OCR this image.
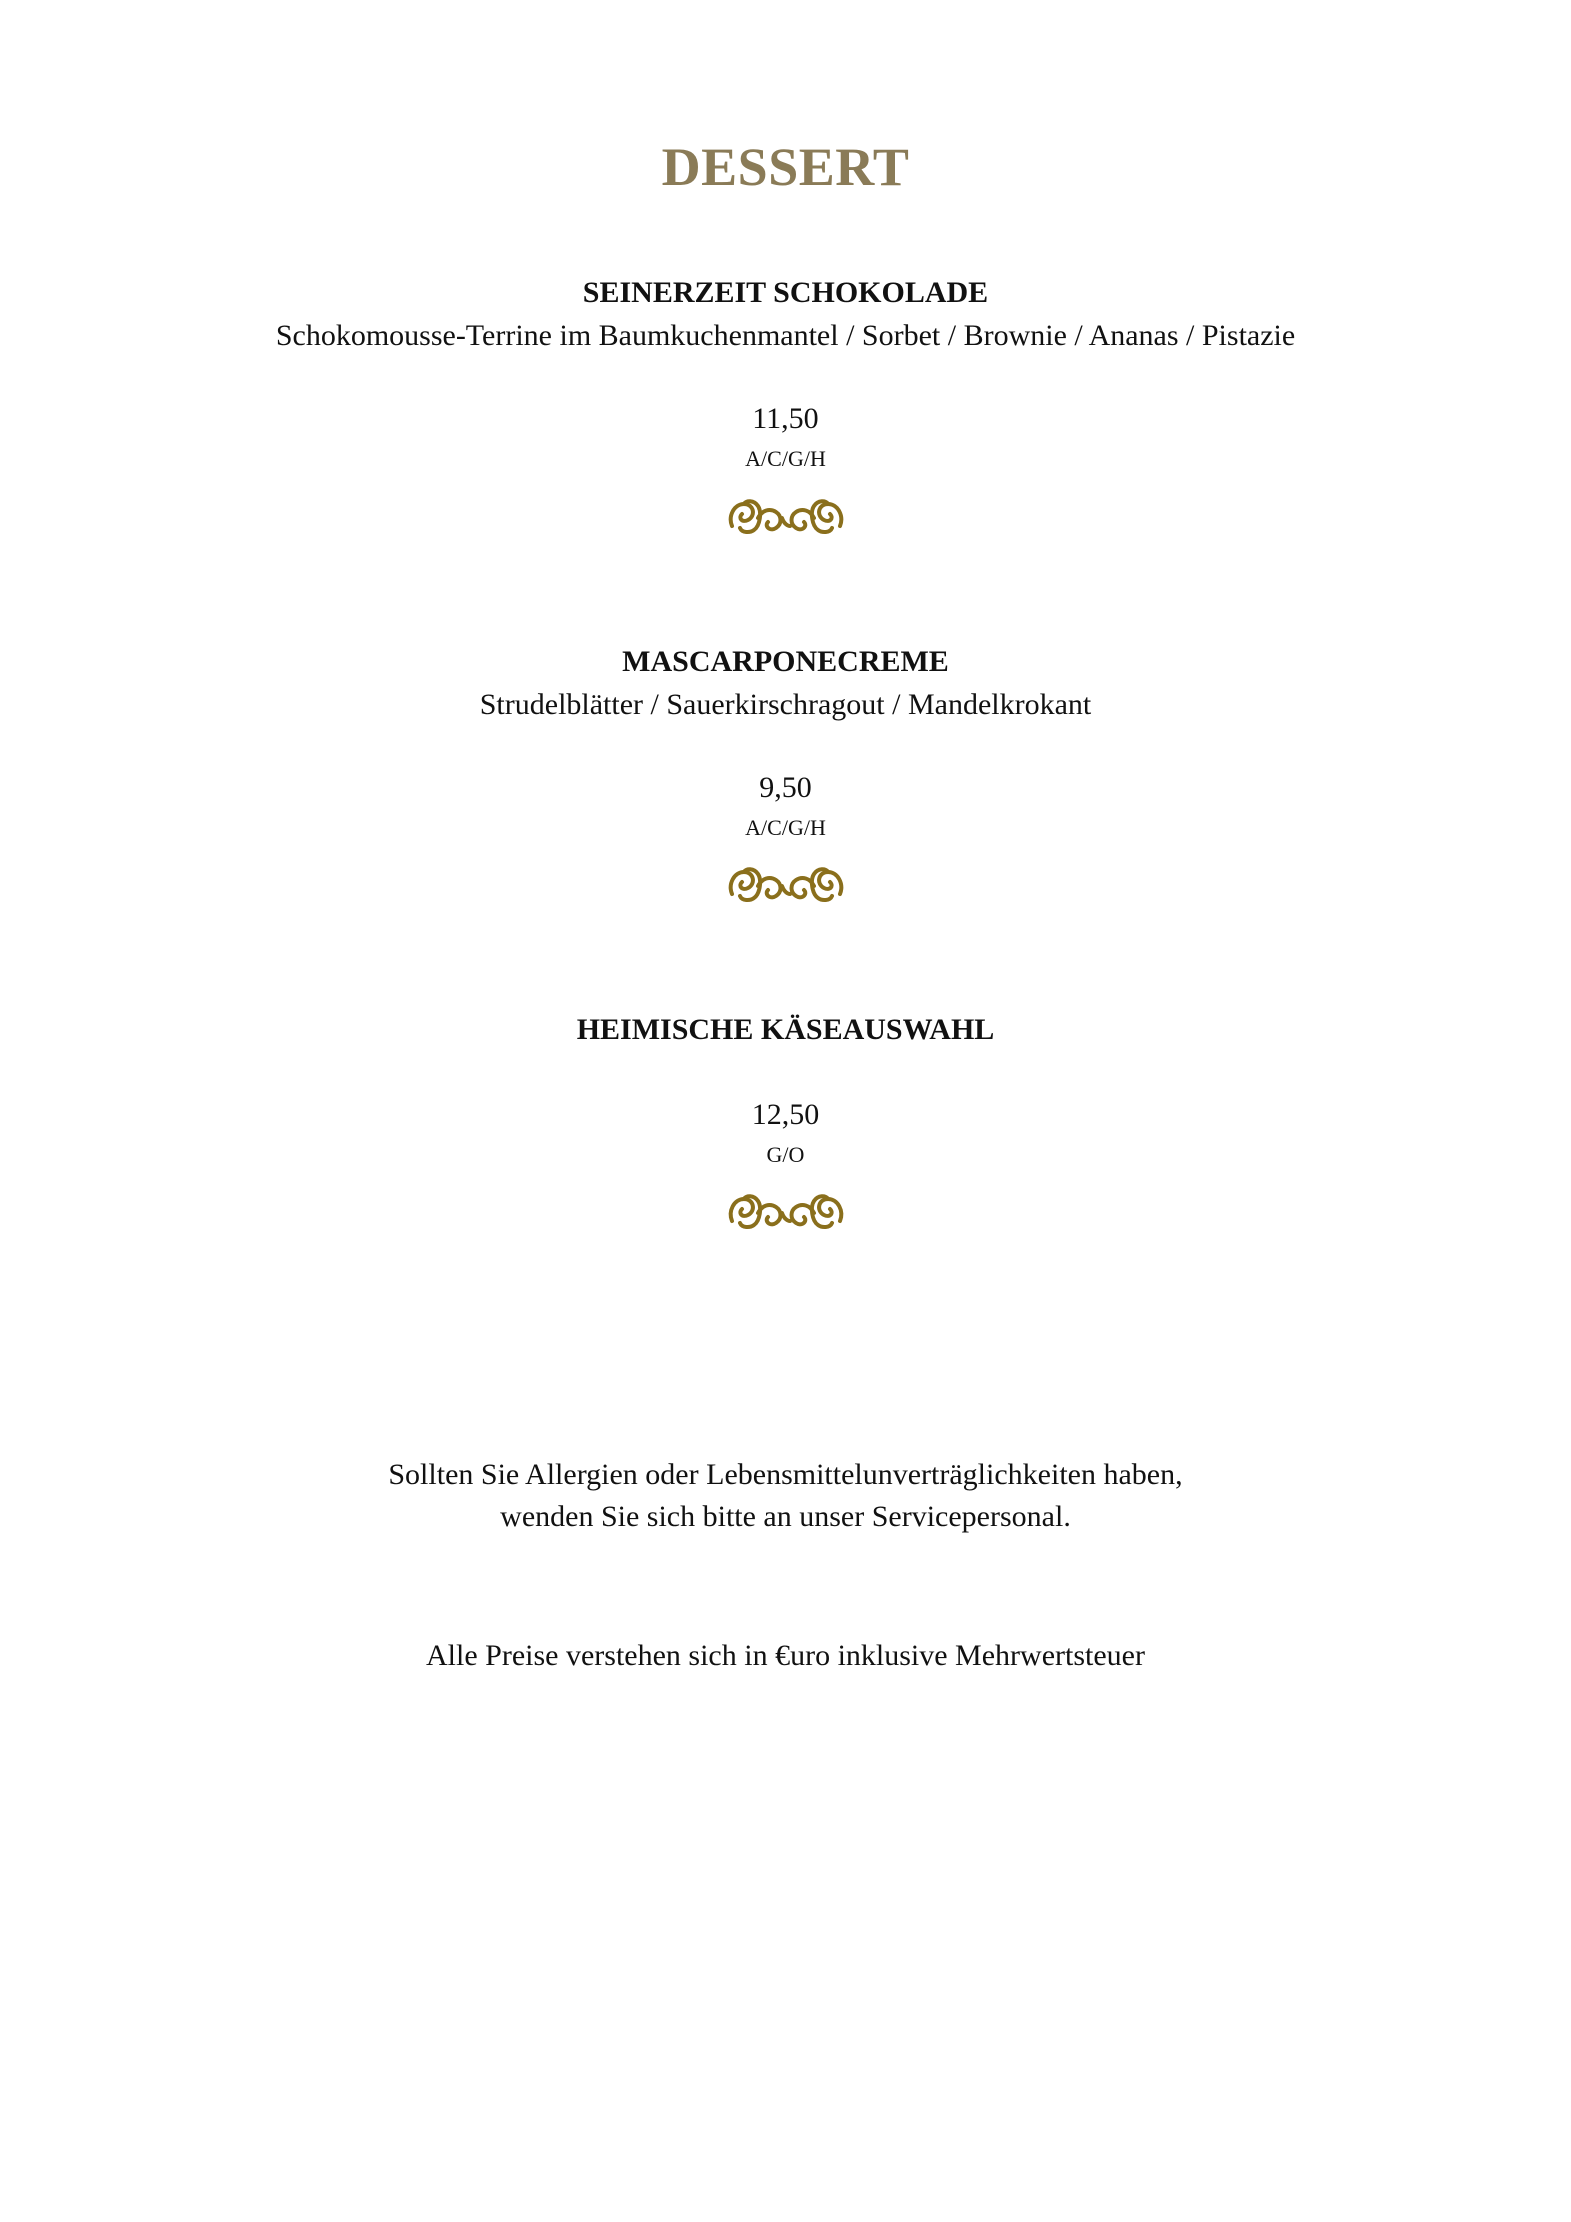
DESSERT
SEINERZEIT SCHOKOLADE
Schokomousse-Terrine im Baumkuchenmantel / Sorbet / Brownie / Ananas / Pistazie
11,50
A/C/G/H
MASCARPONECREME
Strudelblätter / Sauerkirschragout / Mandelkrokant
9,50
A/C/G/H
HEIMISCHE KÄSEAUSWAHL
12,50
G/O
Sollten Sie Allergien oder Lebensmittelunverträglichkeiten haben,
wenden Sie sich bitte an unser Servicepersonal.
Alle Preise verstehen sich in €uro inklusive Mehrwertsteuer
